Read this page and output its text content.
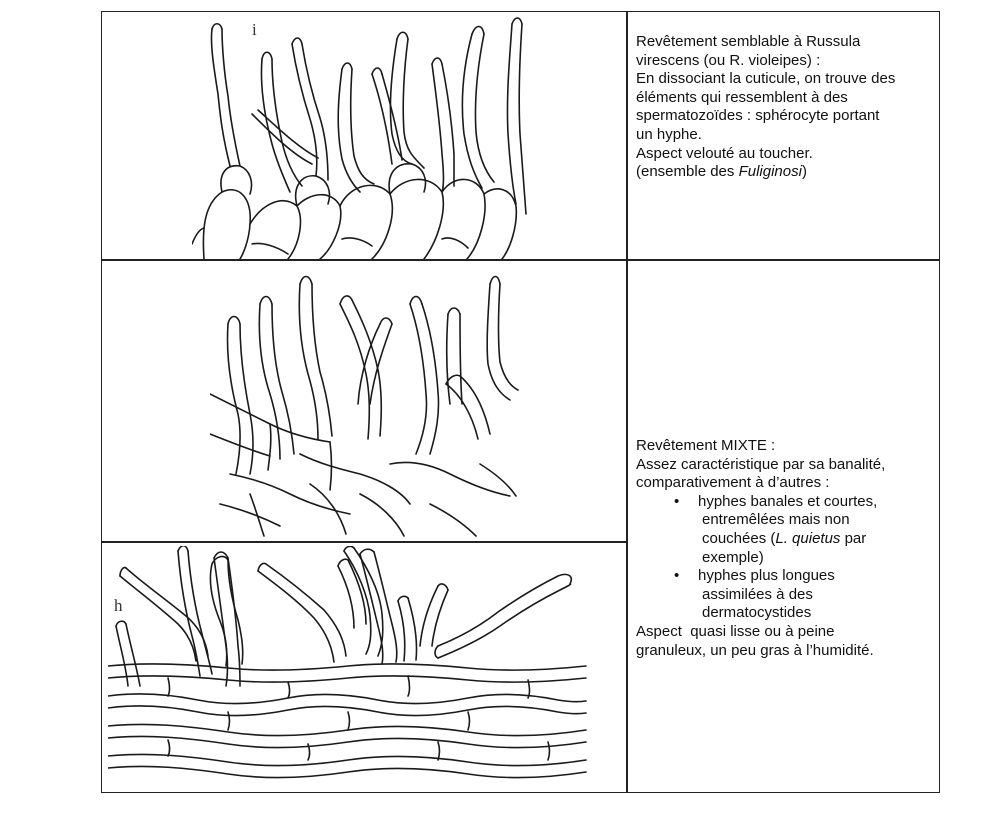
i
h

Revêtement semblable à Russula

virescens (ou R. violeipes) :

En dissociant la cuticule, on trouve des

éléments qui ressemblent à des

spermatozoïdes : sphérocyte portant

un hyphe.

Aspect velouté au toucher.

(ensemble des Fuliginosi)

Revêtement MIXTE :

Assez caractéristique par sa banalité,

comparativement à d’autres :

• hyphes banales et courtes,
entremêlées mais non
couchées (L. quietus par
exemple)
• hyphes plus longues
assimilées à des
dermatocystides

Aspect  quasi lisse ou à peine

granuleux, un peu gras à l’humidité.
